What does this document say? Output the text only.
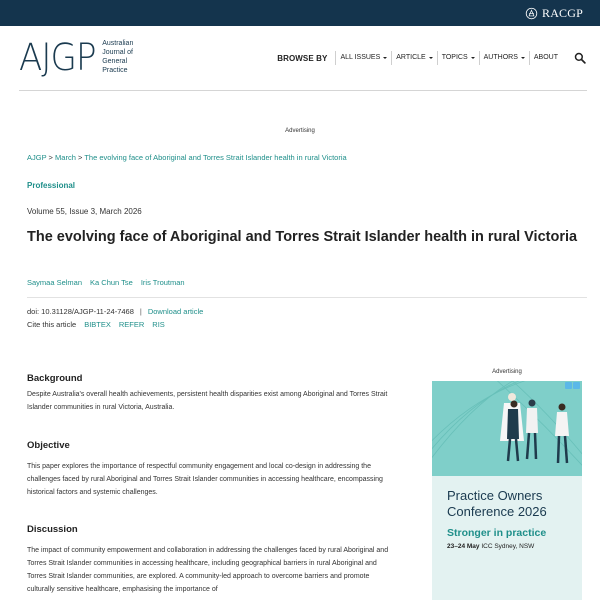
RACGP
AJGP Australian
Journal of
General
Practice
BROWSE BY ALL ISSUES ARTICLE TOPICS AUTHORS ABOUT
Advertising
AJGP > March > The evolving face of Aboriginal and Torres Strait Islander health in rural Victoria
Professional
Volume 55, Issue 3, March 2026
The evolving face of Aboriginal and Torres Strait Islander health in rural Victoria
Saymaa Selman Ka Chun Tse Iris Troutman
doi: 10.31128/AJGP-11-24-7468 | Download article
Cite this article BIBTEX REFER RIS
Background
Despite Australia's overall health achievements, persistent health disparities exist among Aboriginal and Torres Strait Islander communities in rural Victoria, Australia.
Objective
This paper explores the importance of respectful community engagement and local co-design in addressing the challenges faced by rural Aboriginal and Torres Strait Islander communities in accessing healthcare, encompassing historical factors and systemic challenges.
Discussion
The impact of community empowerment and collaboration in addressing the challenges faced by rural Aboriginal and Torres Strait Islander communities in accessing healthcare, including geographical barriers in rural Aboriginal and Torres Strait Islander communities, are explored. A community-led approach to overcome barriers and promote culturally sensitive healthcare, emphasising the importance of
Advertising
Practice Owners
Conference 2026
Stronger in practice
23–24 May ICC Sydney, NSW
